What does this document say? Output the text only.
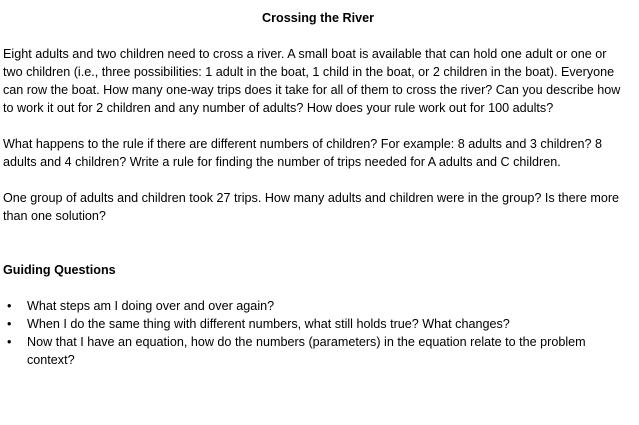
Crossing the River

Eight adults and two children need to cross a river. A small boat is available that can hold one adult or one or two children (i.e., three possibilities: 1 adult in the boat, 1 child in the boat, or 2 children in the boat). Everyone can row the boat. How many one-way trips does it take for all of them to cross the river? Can you describe how to work it out for 2 children and any number of adults? How does your rule work out for 100 adults?

What happens to the rule if there are different numbers of children? For example: 8 adults and 3 children? 8 adults and 4 children? Write a rule for finding the number of trips needed for A adults and C children.

One group of adults and children took 27 trips. How many adults and children were in the group? Is there more than one solution?

Guiding Questions
• What steps am I doing over and over again?
• When I do the same thing with different numbers, what still holds true? What changes?
• Now that I have an equation, how do the numbers (parameters) in the equation relate to the problem context?
